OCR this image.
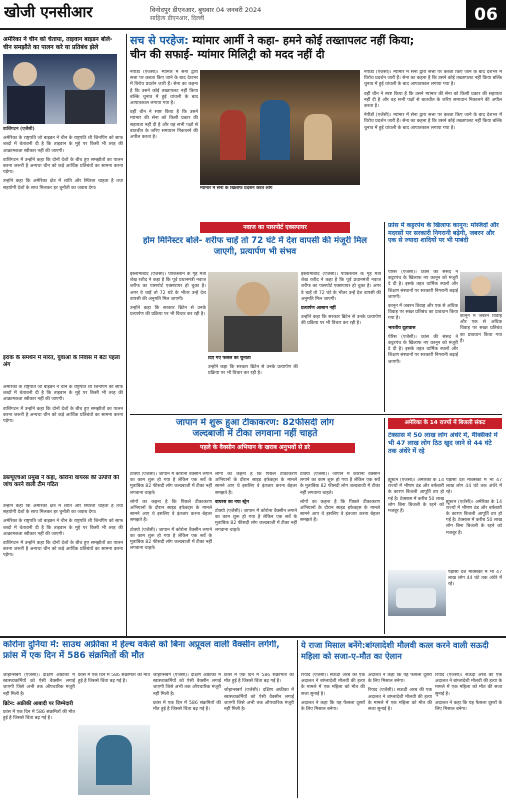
खोजी एनसीआर	विनोदपुर डीएनआर, बुधवार 04 जनवरी 2024
साहित्य डीएनआर, दिल्ली	06
अमेरिका ने चीन को चेताया, ताइवान बाइडन बोले- चीन समझौते का पालन करे या प्रतिबंध झेले

वाशिंगटन (एजेंसी)

अमेरिका के राष्ट्रपति जो बाइडन ने चीन के राष्ट्रपति शी जिनपिंग को साफ शब्दों में चेतावनी दी है कि ताइवान के मुद्दे पर किसी भी तरह की आक्रामकता स्वीकार नहीं की जाएगी।

वाशिंगटन में उन्होंने कहा कि दोनों देशों के बीच हुए समझौतों का पालन करना जरूरी है अन्यथा चीन को कड़े आर्थिक प्रतिबंधों का सामना करना पड़ेगा।

उन्होंने कहा कि अमेरिका क्षेत्र में शांति और स्थिरता चाहता है तथा सहयोगी देशों के साथ मिलकर हर चुनौती का जवाब देगा।

इराक के समर्थन में मारत, युवाओं के निवास में बेटा पहला अंग

अमेरिका के राष्ट्रपति जो बाइडन ने चीन के राष्ट्रपति शी जिनपिंग को साफ शब्दों में चेतावनी दी है कि ताइवान के मुद्दे पर किसी भी तरह की आक्रामकता स्वीकार नहीं की जाएगी।

वाशिंगटन में उन्होंने कहा कि दोनों देशों के बीच हुए समझौतों का पालन करना जरूरी है अन्यथा चीन को कड़े आर्थिक प्रतिबंधों का सामना करना पड़ेगा।

डब्ल्यूएचओ प्रमुख ने कहा, कोरोना वायरस की उत्पत्ति की जांच करने वाली टीम गठित

उन्होंने कहा कि अमेरिका क्षेत्र में शांति और स्थिरता चाहता है तथा सहयोगी देशों के साथ मिलकर हर चुनौती का जवाब देगा।

अमेरिका के राष्ट्रपति जो बाइडन ने चीन के राष्ट्रपति शी जिनपिंग को साफ शब्दों में चेतावनी दी है कि ताइवान के मुद्दे पर किसी भी तरह की आक्रामकता स्वीकार नहीं की जाएगी।

वाशिंगटन में उन्होंने कहा कि दोनों देशों के बीच हुए समझौतों का पालन करना जरूरी है अन्यथा चीन को कड़े आर्थिक प्रतिबंधों का सामना करना पड़ेगा।

सच से परहेज: म्यांमार आर्मी ने कहा- हमने कोई तख्तापलट नहीं किया;
चीन की सफाई- म्यांमार मिलिट्री को मदद नहीं दी

नेपीडॉ (एजेंसी)। म्यांमार में सेना द्वारा सत्ता पर कब्जा किए जाने के बाद देशभर में विरोध प्रदर्शन जारी हैं। सेना का कहना है कि उसने कोई तख्तापलट नहीं किया बल्कि चुनाव में हुई धांधली के बाद आपातकाल लगाया गया है।

वहीं चीन ने स्पष्ट किया है कि उसने म्यांमार की सेना को किसी प्रकार की सहायता नहीं दी है और वह सभी पक्षों से बातचीत के जरिए समाधान निकालने की अपील करता है।

म्यांमार में सेना के खिलाफ प्रदर्शन करते लोग

नेपीडॉ (एजेंसी)। म्यांमार में सेना द्वारा सत्ता पर कब्जा किए जाने के बाद देशभर में विरोध प्रदर्शन जारी हैं। सेना का कहना है कि उसने कोई तख्तापलट नहीं किया बल्कि चुनाव में हुई धांधली के बाद आपातकाल लगाया गया है।

वहीं चीन ने स्पष्ट किया है कि उसने म्यांमार की सेना को किसी प्रकार की सहायता नहीं दी है और वह सभी पक्षों से बातचीत के जरिए समाधान निकालने की अपील करता है।

नेपीडॉ (एजेंसी)। म्यांमार में सेना द्वारा सत्ता पर कब्जा किए जाने के बाद देशभर में विरोध प्रदर्शन जारी हैं। सेना का कहना है कि उसने कोई तख्तापलट नहीं किया बल्कि चुनाव में हुई धांधली के बाद आपातकाल लगाया गया है।

नवाज का पासपोर्ट एक्सपायर
होम मिनिस्टर बोले- शरीफ चाहें तो 72 घंटे में देश वापसी की मंजूरी मिल जाएगी, प्रत्यार्पण भी संभव

इस्लामाबाद (एजेंसी)। पाकिस्तान के गृह मंत्री शेख रशीद ने कहा है कि पूर्व प्रधानमंत्री नवाज शरीफ का पासपोर्ट एक्सपायर हो चुका है। अगर वे चाहें तो 72 घंटे के भीतर उन्हें देश वापसी की अनुमति मिल जाएगी।

उन्होंने कहा कि सरकार ब्रिटेन से उनके प्रत्यार्पण की प्रक्रिया पर भी विचार कर रही है।

दिए गए फैसले को चुनौती

उन्होंने कहा कि सरकार ब्रिटेन से उनके प्रत्यार्पण की प्रक्रिया पर भी विचार कर रही है।

इस्लामाबाद (एजेंसी)। पाकिस्तान के गृह मंत्री शेख रशीद ने कहा है कि पूर्व प्रधानमंत्री नवाज शरीफ का पासपोर्ट एक्सपायर हो चुका है। अगर वे चाहें तो 72 घंटे के भीतर उन्हें देश वापसी की अनुमति मिल जाएगी।

प्रत्यार्पण आसान नहीं

उन्होंने कहा कि सरकार ब्रिटेन से उनके प्रत्यार्पण की प्रक्रिया पर भी विचार कर रही है।

फ्रांस में कट्टरपंथ के खिलाफ कानून: मस्जिदों और मदरसों पर सरकारी निगरानी बढ़ेगी, जबरन और एक से ज्यादा शादियों पर भी पाबंदी

पेरिस (एजेंसी)। फ्रांस की संसद ने कट्टरपंथ के खिलाफ नए कानून को मंजूरी दे दी है। इसके तहत धार्मिक स्थलों और शिक्षण संस्थानों पर सरकारी निगरानी बढ़ाई जाएगी।

कानून में जबरन विवाह और एक से अधिक विवाह पर सख्त प्रतिबंध का प्रावधान किया गया है।

भारतीय दूतावास

पेरिस (एजेंसी)। फ्रांस की संसद ने कट्टरपंथ के खिलाफ नए कानून को मंजूरी दे दी है। इसके तहत धार्मिक स्थलों और शिक्षण संस्थानों पर सरकारी निगरानी बढ़ाई जाएगी।

कानून में जबरन विवाह और एक से अधिक विवाह पर सख्त प्रतिबंध का प्रावधान किया गया है।

जापान में शुरू हुआ टीकाकरण: 82फीसदी लोग
जल्दबाजी में टीका लगवाना नहीं चाहते
पहले के वैक्सीन अभियान के खराब अनुभवों से डरे

टोक्यो (एजेंसी)। जापान में कोरोना वैक्सीन लगाने का काम शुरू हो गया है लेकिन एक सर्वे के मुताबिक 82 फीसदी लोग जल्दबाजी में टीका नहीं लगवाना चाहते।

लोगों का कहना है कि पिछले टीकाकरण अभियानों के दौरान साइड इफेक्ट्स के मामले सामने आए थे इसलिए वे इंतजार करना बेहतर समझते हैं।

टोक्यो (एजेंसी)। जापान में कोरोना वैक्सीन लगाने का काम शुरू हो गया है लेकिन एक सर्वे के मुताबिक 82 फीसदी लोग जल्दबाजी में टीका नहीं लगवाना चाहते।

लोगों का कहना है कि पिछले टीकाकरण अभियानों के दौरान साइड इफेक्ट्स के मामले सामने आए थे इसलिए वे इंतजार करना बेहतर समझते हैं।

वायरस का नया स्ट्रेन

टोक्यो (एजेंसी)। जापान में कोरोना वैक्सीन लगाने का काम शुरू हो गया है लेकिन एक सर्वे के मुताबिक 82 फीसदी लोग जल्दबाजी में टीका नहीं लगवाना चाहते।

टोक्यो (एजेंसी)। जापान में कोरोना वैक्सीन लगाने का काम शुरू हो गया है लेकिन एक सर्वे के मुताबिक 82 फीसदी लोग जल्दबाजी में टीका नहीं लगवाना चाहते।

लोगों का कहना है कि पिछले टीकाकरण अभियानों के दौरान साइड इफेक्ट्स के मामले सामने आए थे इसलिए वे इंतजार करना बेहतर समझते हैं।

अमेरिका के 14 राज्यों में बिजली संकट
टेक्सास में 50 लाख लोग अंधेरे में, मैक्सिको में भी 47 लाख लोग ठिठ खुद जाने से 44 घंटे तक अंधेरे में रहे

ह्यूस्टन (एजेंसी)। अमेरिका के 14 राज्यों में भीषण ठंड और बर्फबारी के कारण बिजली आपूर्ति ठप हो गई है। टेक्सास में करीब 50 लाख लोग बिना बिजली के रहने को मजबूर हैं।

पड़ोसी देश मैक्सिको में भी 47 लाख लोग 44 घंटे तक अंधेरे में रहे।

ह्यूस्टन (एजेंसी)। अमेरिका के 14 राज्यों में भीषण ठंड और बर्फबारी के कारण बिजली आपूर्ति ठप हो गई है। टेक्सास में करीब 50 लाख लोग बिना बिजली के रहने को मजबूर हैं।

पड़ोसी देश मैक्सिको में भी 47 लाख लोग 44 घंटे तक अंधेरे में रहे।

कोरोना दुनिया में: साउथ अफ्रीका में हेल्थ वर्कर्स को बिना अप्रूवल वाली वैक्सीन लगेगी, फ्रांस में एक दिन में 586 संक्रमितों की मौत

जोहान्सबर्ग (एजेंसी)। दक्षिण अफ्रीका में स्वास्थ्यकर्मियों को ऐसी वैक्सीन लगाई जाएगी जिसे अभी तक औपचारिक मंजूरी नहीं मिली है।

ब्रिटेन: अफ्रीकी आबादी पर जिम्मेदारी

फ्रांस में एक दिन में 586 संक्रमितों की मौत हुई है जिससे चिंता बढ़ गई है।

फ्रांस में एक दिन में 586 संक्रमितों की मौत हुई है जिससे चिंता बढ़ गई है।

जोहान्सबर्ग (एजेंसी)। दक्षिण अफ्रीका में स्वास्थ्यकर्मियों को ऐसी वैक्सीन लगाई जाएगी जिसे अभी तक औपचारिक मंजूरी नहीं मिली है।

फ्रांस में एक दिन में 586 संक्रमितों की मौत हुई है जिससे चिंता बढ़ गई है।

फ्रांस में एक दिन में 586 संक्रमितों की मौत हुई है जिससे चिंता बढ़ गई है।

जोहान्सबर्ग (एजेंसी)। दक्षिण अफ्रीका में स्वास्थ्यकर्मियों को ऐसी वैक्सीन लगाई जाएगी जिसे अभी तक औपचारिक मंजूरी नहीं मिली है।

ये राजा मिसाल बनेंगे:बांग्लादेशी मौलवी कत्ल करने वाली सऊदी महिला को सजा-ए-मौत का ऐलान

रियाद (एजेंसी)। सऊदी अरब की एक अदालत ने बांग्लादेशी मौलवी की हत्या के मामले में एक महिला को मौत की सजा सुनाई है।

अदालत ने कहा कि यह फैसला दूसरों के लिए मिसाल बनेगा।

अदालत ने कहा कि यह फैसला दूसरों के लिए मिसाल बनेगा।

रियाद (एजेंसी)। सऊदी अरब की एक अदालत ने बांग्लादेशी मौलवी की हत्या के मामले में एक महिला को मौत की सजा सुनाई है।

रियाद (एजेंसी)। सऊदी अरब की एक अदालत ने बांग्लादेशी मौलवी की हत्या के मामले में एक महिला को मौत की सजा सुनाई है।

अदालत ने कहा कि यह फैसला दूसरों के लिए मिसाल बनेगा।
